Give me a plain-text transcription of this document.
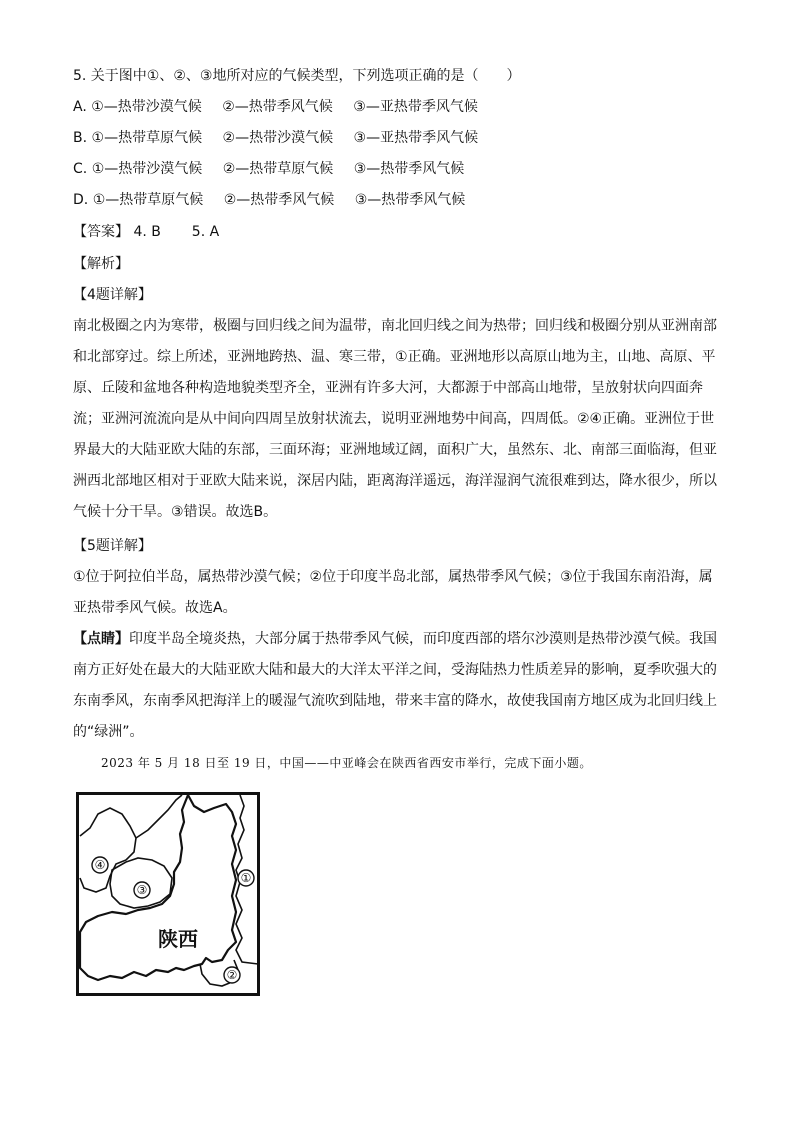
5. 关于图中①、②、③地所对应的气候类型，下列选项正确的是（　　）
A. ①—热带沙漠气候 ②—热带季风气候 ③—亚热带季风气候
B. ①—热带草原气候 ②—热带沙漠气候 ③—亚热带季风气候
C. ①—热带沙漠气候 ②—热带草原气候 ③—热带季风气候
D. ①—热带草原气候 ②—热带季风气候 ③—热带季风气候
【答案】 4. B 5. A
【解析】
【4题详解】
南北极圈之内为寒带，极圈与回归线之间为温带，南北回归线之间为热带；回归线和极圈分别从亚洲南部和北部穿过。综上所述，亚洲地跨热、温、寒三带，①正确。亚洲地形以高原山地为主，山地、高原、平原、丘陵和盆地各种构造地貌类型齐全，亚洲有许多大河，大都源于中部高山地带，呈放射状向四面奔流；亚洲河流流向是从中间向四周呈放射状流去，说明亚洲地势中间高，四周低。②④正确。亚洲位于世界最大的大陆亚欧大陆的东部，三面环海；亚洲地域辽阔，面积广大，虽然东、北、南部三面临海，但亚洲西北部地区相对于亚欧大陆来说，深居内陆，距离海洋遥远，海洋湿润气流很难到达，降水很少，所以气候十分干旱。③错误。故选B。
【5题详解】
①位于阿拉伯半岛，属热带沙漠气候；②位于印度半岛北部，属热带季风气候；③位于我国东南沿海，属亚热带季风气候。故选A。
【点睛】印度半岛全境炎热，大部分属于热带季风气候，而印度西部的塔尔沙漠则是热带沙漠气候。我国南方正好处在最大的大陆亚欧大陆和最大的大洋太平洋之间，受海陆热力性质差异的影响，夏季吹强大的东南季风，东南季风把海洋上的暖湿气流吹到陆地，带来丰富的降水，故使我国南方地区成为北回归线上的“绿洲”。
2023 年 5 月 18 日至 19 日，中国——中亚峰会在陕西省西安市举行，完成下面小题。
①
②
③
④
陕西
